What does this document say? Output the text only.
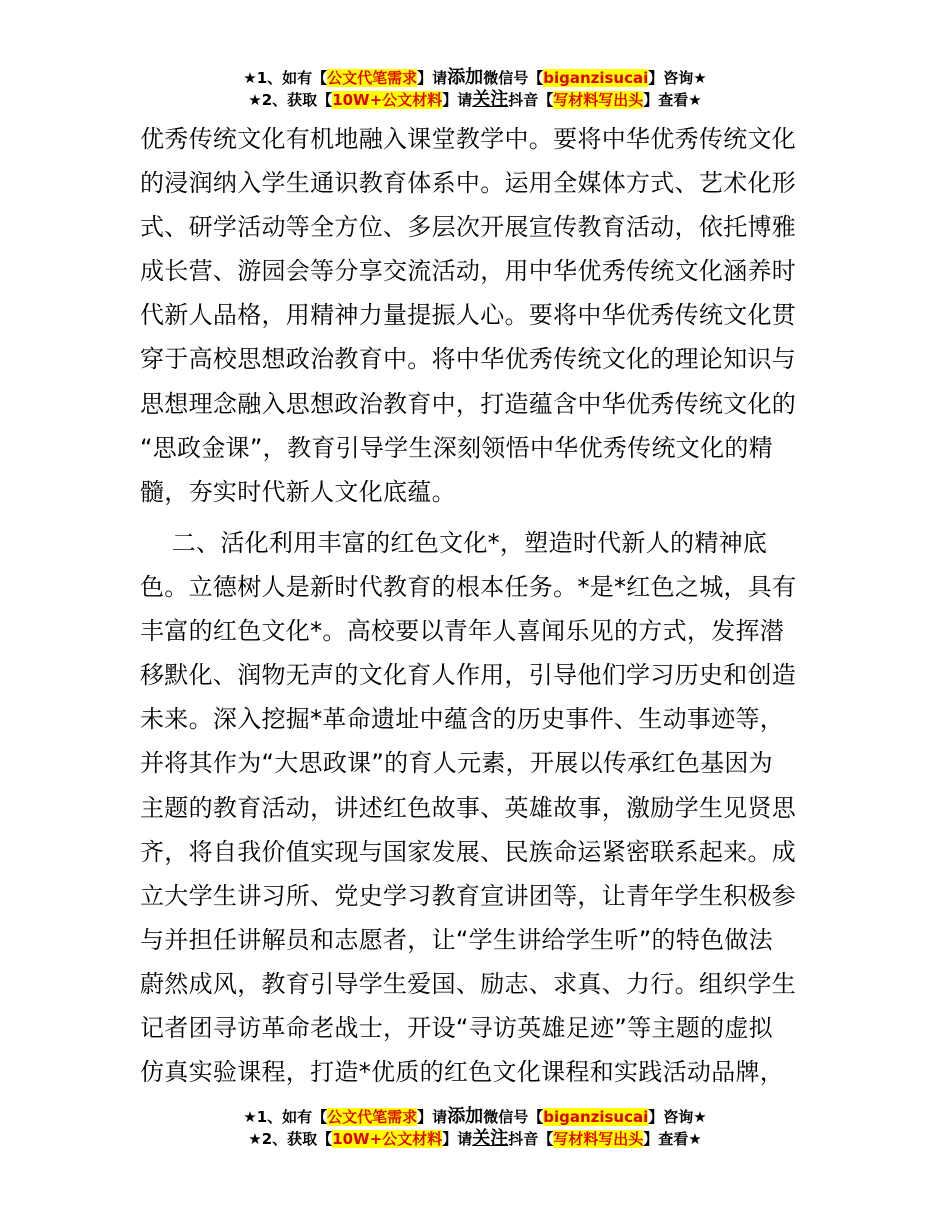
★1、如有【公文代笔需求】请添加微信号【biganzisucai】咨询★
★2、获取【10W+公文材料】请关注抖音【写材料写出头】查看★
优秀传统文化有机地融入课堂教学中。要将中华优秀传统文化
的浸润纳入学生通识教育体系中。运用全媒体方式、艺术化形
式、研学活动等全方位、多层次开展宣传教育活动，依托博雅
成长营、游园会等分享交流活动，用中华优秀传统文化涵养时
代新人品格，用精神力量提振人心。要将中华优秀传统文化贯
穿于高校思想政治教育中。将中华优秀传统文化的理论知识与
思想理念融入思想政治教育中，打造蕴含中华优秀传统文化的
“思政金课”，教育引导学生深刻领悟中华优秀传统文化的精
髓，夯实时代新人文化底蕴。
二、活化利用丰富的红色文化*，塑造时代新人的精神底
色。立德树人是新时代教育的根本任务。*是*红色之城，具有
丰富的红色文化*。高校要以青年人喜闻乐见的方式，发挥潜
移默化、润物无声的文化育人作用，引导他们学习历史和创造
未来。深入挖掘*革命遗址中蕴含的历史事件、生动事迹等，
并将其作为“大思政课”的育人元素，开展以传承红色基因为
主题的教育活动，讲述红色故事、英雄故事，激励学生见贤思
齐，将自我价值实现与国家发展、民族命运紧密联系起来。成
立大学生讲习所、党史学习教育宣讲团等，让青年学生积极参
与并担任讲解员和志愿者，让“学生讲给学生听”的特色做法
蔚然成风，教育引导学生爱国、励志、求真、力行。组织学生
记者团寻访革命老战士，开设“寻访英雄足迹”等主题的虚拟
仿真实验课程，打造*优质的红色文化课程和实践活动品牌，
★1、如有【公文代笔需求】请添加微信号【biganzisucai】咨询★
★2、获取【10W+公文材料】请关注抖音【写材料写出头】查看★
